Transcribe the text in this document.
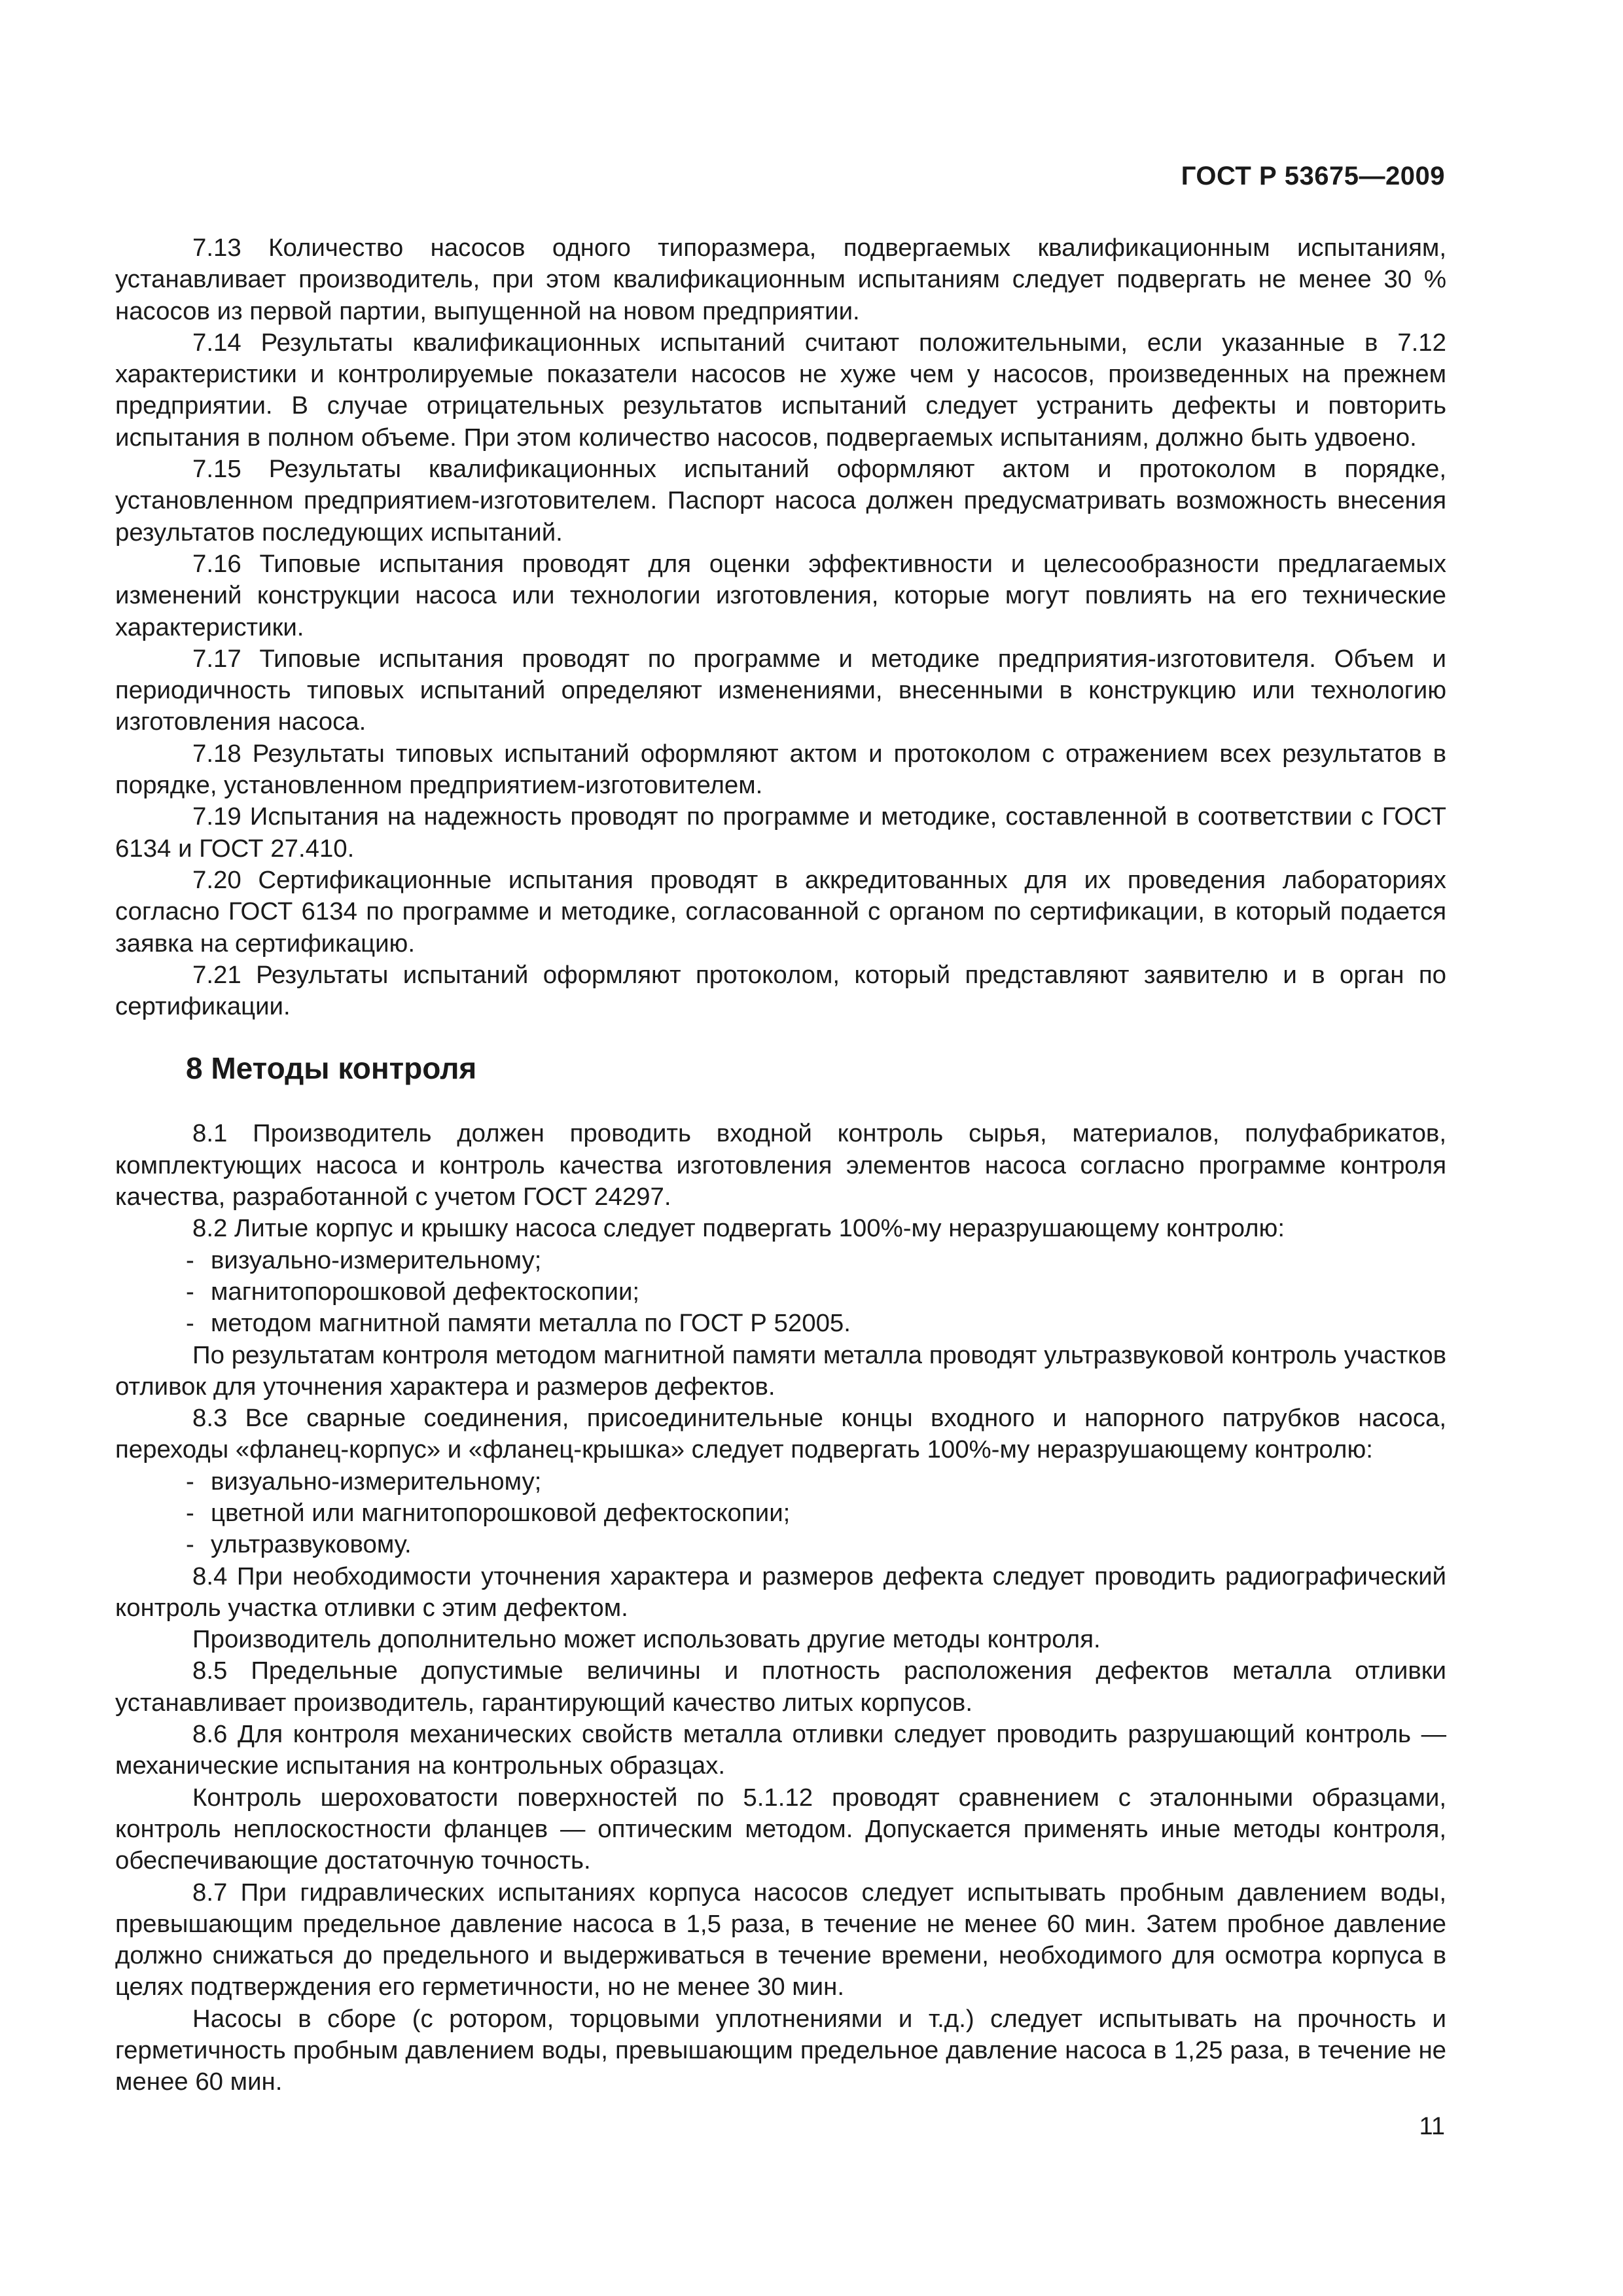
ГОСТ Р 53675—2009

7.13 Количество насосов одного типоразмера, подвергаемых квалификационным испытаниям, устанавливает производитель, при этом квалификационным испытаниям следует подвергать не менее 30 % насосов из первой партии, выпущенной на новом предприятии.

7.14 Результаты квалификационных испытаний считают положительными, если указанные в 7.12 характеристики и контролируемые показатели насосов не хуже чем у насосов, произведенных на прежнем предприятии. В случае отрицательных результатов испытаний следует устранить дефекты и повторить испытания в полном объеме. При этом количество насосов, подвергаемых испытаниям, должно быть удвоено.

7.15 Результаты квалификационных испытаний оформляют актом и протоколом в порядке, установленном предприятием-изготовителем. Паспорт насоса должен предусматривать возможность внесения результатов последующих испытаний.

7.16 Типовые испытания проводят для оценки эффективности и целесообразности предлагаемых изменений конструкции насоса или технологии изготовления, которые могут повлиять на его технические характеристики.

7.17 Типовые испытания проводят по программе и методике предприятия-изготовителя. Объем и периодичность типовых испытаний определяют изменениями, внесенными в конструкцию или технологию изготовления насоса.

7.18 Результаты типовых испытаний оформляют актом и протоколом с отражением всех результатов в порядке, установленном предприятием-изготовителем.

7.19 Испытания на надежность проводят по программе и методике, составленной в соответствии с ГОСТ 6134 и ГОСТ 27.410.

7.20 Сертификационные испытания проводят в аккредитованных для их проведения лабораториях согласно ГОСТ 6134 по программе и методике, согласованной с органом по сертификации, в который подается заявка на сертификацию.

7.21 Результаты испытаний оформляют протоколом, который представляют заявителю и в орган по сертификации.

8 Методы контроля

8.1 Производитель должен проводить входной контроль сырья, материалов, полуфабрикатов, комплектующих насоса и контроль качества изготовления элементов насоса согласно программе контроля качества, разработанной с учетом ГОСТ 24297.

8.2 Литые корпус и крышку насоса следует подвергать 100%-му неразрушающему контролю:

- визуально-измерительному;

- магнитопорошковой дефектоскопии;

- методом магнитной памяти металла по ГОСТ Р 52005.

По результатам контроля методом магнитной памяти металла проводят ультразвуковой контроль участков отливок для уточнения характера и размеров дефектов.

8.3 Все сварные соединения, присоединительные концы входного и напорного патрубков насоса, переходы «фланец-корпус» и «фланец-крышка» следует подвергать 100%-му неразрушающему контролю:

- визуально-измерительному;

- цветной или магнитопорошковой дефектоскопии;

- ультразвуковому.

8.4 При необходимости уточнения характера и размеров дефекта следует проводить радиографический контроль участка отливки с этим дефектом.

Производитель дополнительно может использовать другие методы контроля.

8.5 Предельные допустимые величины и плотность расположения дефектов металла отливки устанавливает производитель, гарантирующий качество литых корпусов.

8.6 Для контроля механических свойств металла отливки следует проводить разрушающий контроль — механические испытания на контрольных образцах.

Контроль шероховатости поверхностей по 5.1.12 проводят сравнением с эталонными образцами, контроль неплоскостности фланцев — оптическим методом. Допускается применять иные методы контроля, обеспечивающие достаточную точность.

8.7 При гидравлических испытаниях корпуса насосов следует испытывать пробным давлением воды, превышающим предельное давление насоса в 1,5 раза, в течение не менее 60 мин. Затем пробное давление должно снижаться до предельного и выдерживаться в течение времени, необходимого для осмотра корпуса в целях подтверждения его герметичности, но не менее 30 мин.

Насосы в сборе (с ротором, торцовыми уплотнениями и т.д.) следует испытывать на прочность и герметичность пробным давлением воды, превышающим предельное давление насоса в 1,25 раза, в течение не менее 60 мин.

11
